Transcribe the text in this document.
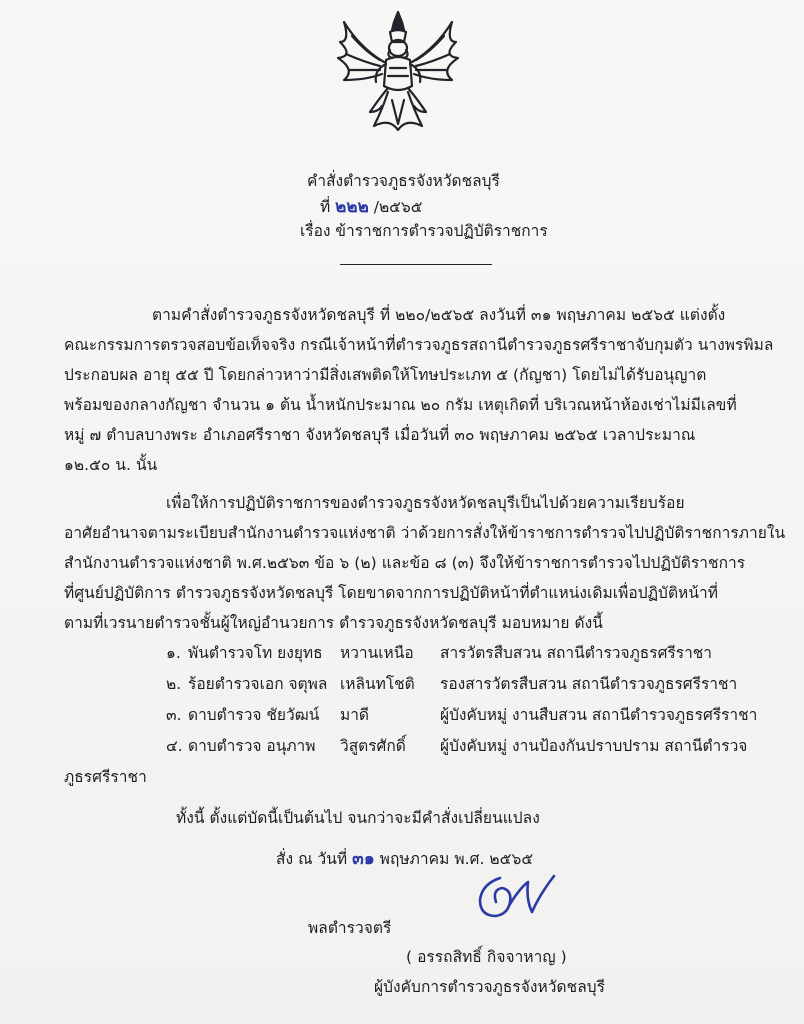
คำสั่งตำรวจภูธรจังหวัดชลบุรี
ที่ ๒๒๒ /๒๕๖๕
เรื่อง ข้าราชการตำรวจปฏิบัติราชการ
ตามคำสั่งตำรวจภูธรจังหวัดชลบุรี ที่ ๒๒๐/๒๕๖๕ ลงวันที่ ๓๑ พฤษภาคม ๒๕๖๕ แต่งตั้ง
คณะกรรมการตรวจสอบข้อเท็จจริง กรณีเจ้าหน้าที่ตำรวจภูธรสถานีตำรวจภูธรศรีราชาจับกุมตัว นางพรพิมล
ประกอบผล อายุ ๕๕ ปี โดยกล่าวหาว่ามีสิ่งเสพติดให้โทษประเภท ๕ (กัญชา) โดยไม่ได้รับอนุญาต
พร้อมของกลางกัญชา จำนวน ๑ ต้น น้ำหนักประมาณ ๒๐ กรัม เหตุเกิดที่ บริเวณหน้าห้องเช่าไม่มีเลขที่
หมู่ ๗ ตำบลบางพระ อำเภอศรีราชา จังหวัดชลบุรี เมื่อวันที่ ๓๐ พฤษภาคม ๒๕๖๕ เวลาประมาณ
๑๒.๕๐ น. นั้น
เพื่อให้การปฏิบัติราชการของตำรวจภูธรจังหวัดชลบุรีเป็นไปด้วยความเรียบร้อย
อาศัยอำนาจตามระเบียบสำนักงานตำรวจแห่งชาติ ว่าด้วยการสั่งให้ข้าราชการตำรวจไปปฏิบัติราชการภายใน
สำนักงานตำรวจแห่งชาติ พ.ศ.๒๕๖๓ ข้อ ๖ (๒) และข้อ ๘ (๓) จึงให้ข้าราชการตำรวจไปปฏิบัติราชการ
ที่ศูนย์ปฏิบัติการ ตำรวจภูธรจังหวัดชลบุรี โดยขาดจากการปฏิบัติหน้าที่ตำแหน่งเดิมเพื่อปฏิบัติหน้าที่
ตามที่เวรนายตำรวจชั้นผู้ใหญ่อำนวยการ ตำรวจภูธรจังหวัดชลบุรี มอบหมาย ดังนี้
๑. พันตำรวจโท ยงยุทธ หวานเหนือ สารวัตรสืบสวน สถานีตำรวจภูธรศรีราชา
๒. ร้อยตำรวจเอก จตุพล เหลินทโชติ รองสารวัตรสืบสวน สถานีตำรวจภูธรศรีราชา
๓. ดาบตำรวจ ชัยวัฒน์ มาดี	ผู้บังคับหมู่ งานสืบสวน สถานีตำรวจภูธรศรีราชา
๔. ดาบตำรวจ อนุภาพ วิสูตรศักดิ์ ผู้บังคับหมู่ งานป้องกันปราบปราม สถานีตำรวจ
ภูธรศรีราชา
ทั้งนี้ ตั้งแต่บัดนี้เป็นต้นไป จนกว่าจะมีคำสั่งเปลี่ยนแปลง
สั่ง ณ วันที่ ๓๑ พฤษภาคม พ.ศ. ๒๕๖๕
พลตำรวจตรี
( อรรถสิทธิ์ กิจจาหาญ )
ผู้บังคับการตำรวจภูธรจังหวัดชลบุรี
